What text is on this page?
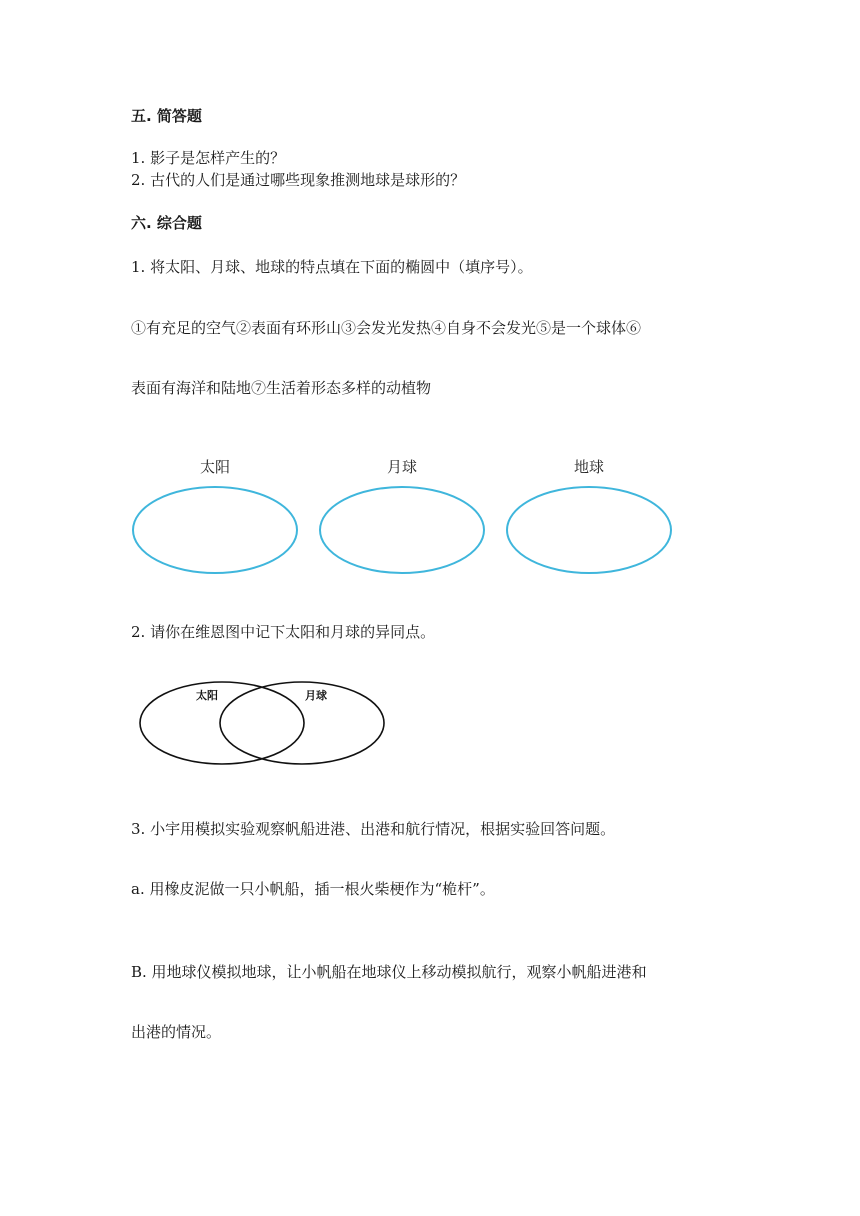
五. 简答题
1. 影子是怎样产生的？
2. 古代的人们是通过哪些现象推测地球是球形的？
六. 综合题
1. 将太阳、月球、地球的特点填在下面的椭圆中（填序号）。
①有充足的空气②表面有环形山③会发光发热④自身不会发光⑤是一个球体⑥
表面有海洋和陆地⑦生活着形态多样的动植物
太阳	月球	地球
2. 请你在维恩图中记下太阳和月球的异同点。
太阳	月球
3. 小宇用模拟实验观察帆船进港、出港和航行情况，根据实验回答问题。
a. 用橡皮泥做一只小帆船，插一根火柴梗作为“桅杆”。
B. 用地球仪模拟地球，让小帆船在地球仪上移动模拟航行，观察小帆船进港和
出港的情况。
